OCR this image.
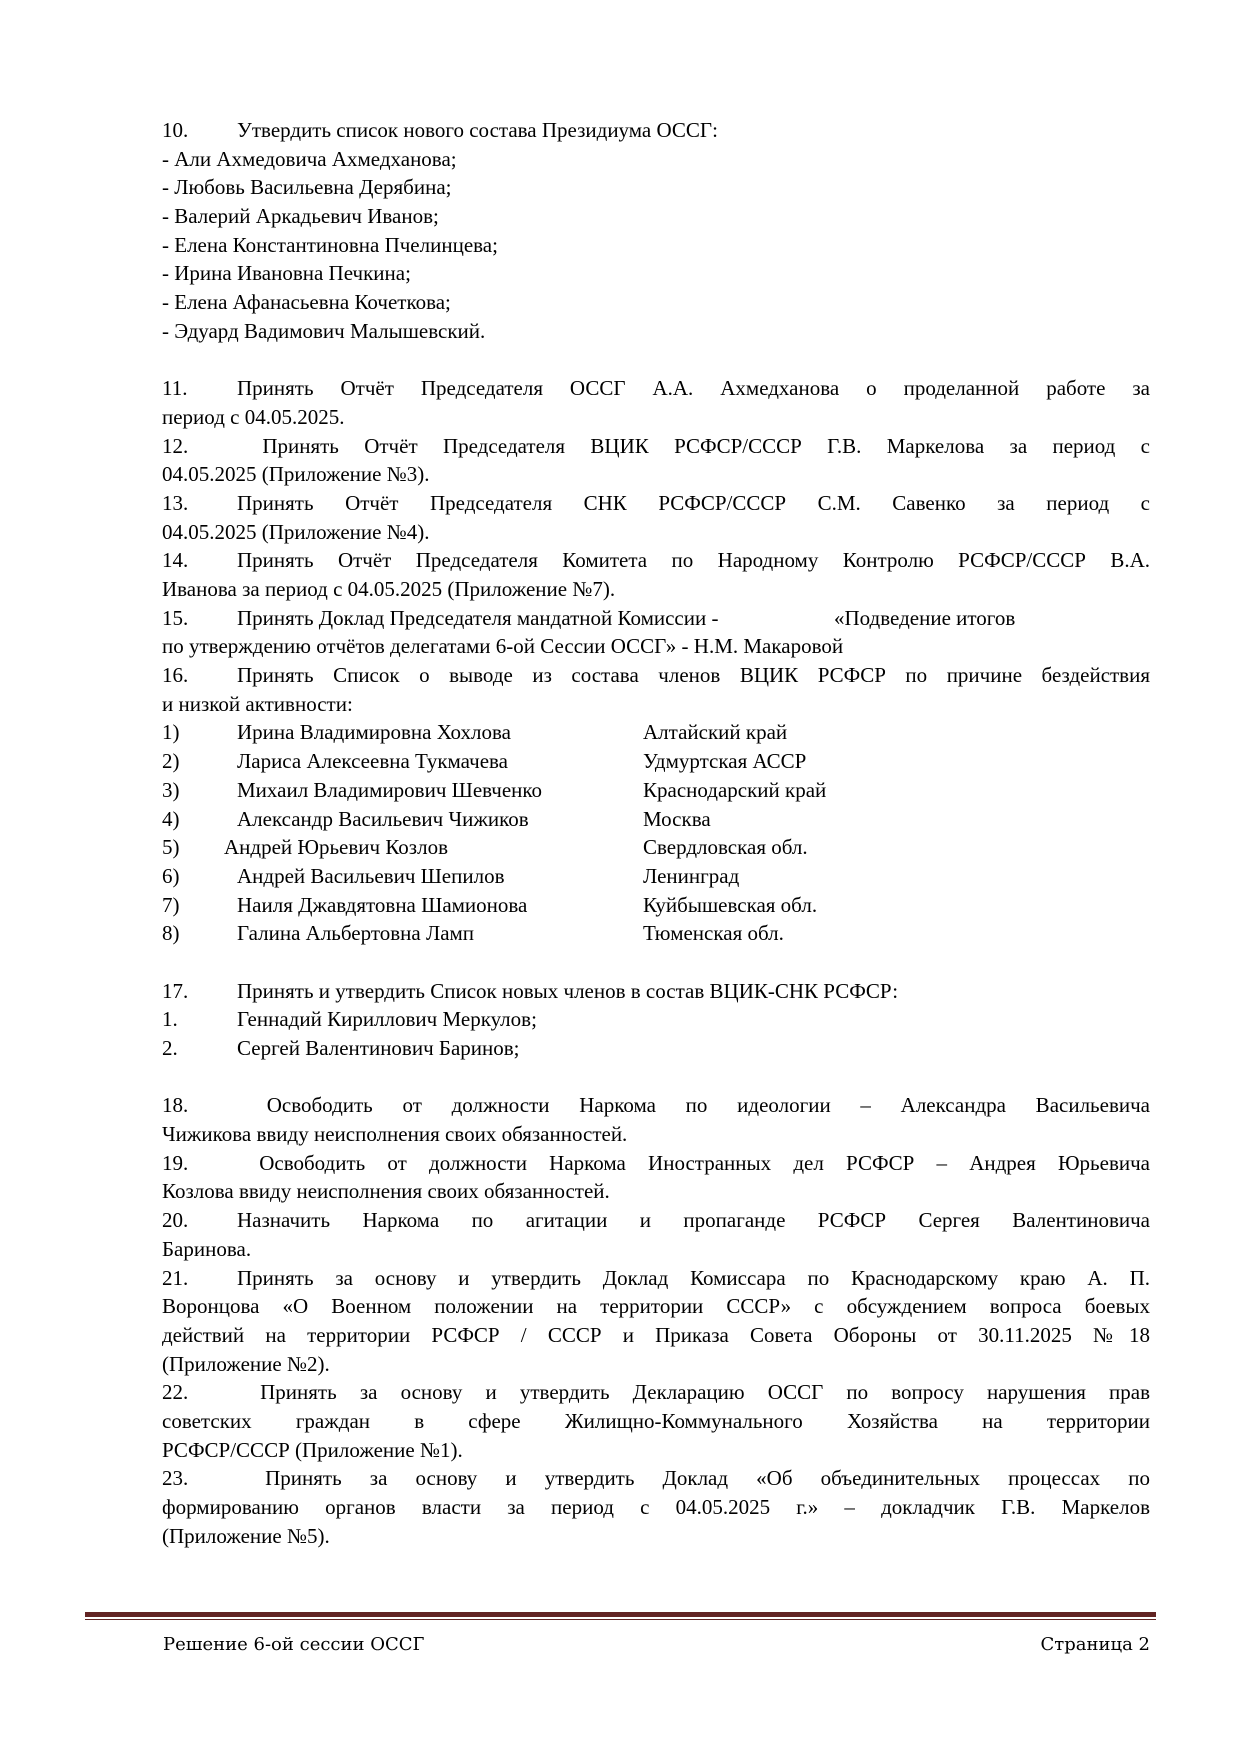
10. Утвердить список нового состава Президиума ОССГ:
- Али Ахмедовича Ахмедханова;
- Любовь Васильевна Дерябина;
- Валерий Аркадьевич Иванов;
- Елена Константиновна Пчелинцева;
- Ирина Ивановна Печкина;
- Елена Афанасьевна Кочеткова;
- Эдуард Вадимович Малышевский.
11. Принять Отчёт Председателя ОССГ А.А. Ахмедханова о проделанной работе за
период с 04.05.2025.
12. Принять Отчёт Председателя ВЦИК РСФСР/СССР Г.В. Маркелова за период с
04.05.2025 (Приложение №3).
13. Принять Отчёт Председателя СНК РСФСР/СССР С.М. Савенко за период с
04.05.2025 (Приложение №4).
14. Принять Отчёт Председателя Комитета по Народному Контролю РСФСР/СССР В.А.
Иванова за период с 04.05.2025 (Приложение №7).
15. Принять Доклад Председателя мандатной Комиссии -	«Подведение итогов
по утверждению отчётов делегатами 6-ой Сессии ОССГ» - Н.М. Макаровой
16. Принять Список о выводе из состава членов ВЦИК РСФСР по причине бездействия
и низкой активности:
1)	Ирина Владимировна Хохлова	Алтайский край
2)	Лариса Алексеевна Тукмачева	Удмуртская АССР
3)	Михаил Владимирович Шевченко	Краснодарский край
4)	Александр Васильевич Чижиков	Москва
5)	Андрей Юрьевич Козлов	Свердловская обл.
6)	Андрей Васильевич Шепилов	Ленинград
7)	Наиля Джавдятовна Шамионова	Куйбышевская обл.
8)	Галина Альбертовна Ламп	Тюменская обл.
17. Принять и утвердить Список новых членов в состав ВЦИК-СНК РСФСР:
1.	Геннадий Кириллович Меркулов;
2.	Сергей Валентинович Баринов;
18. Освободить от должности Наркома по идеологии – Александра Васильевича
Чижикова ввиду неисполнения своих обязанностей.
19. Освободить от должности Наркома Иностранных дел РСФСР – Андрея Юрьевича
Козлова ввиду неисполнения своих обязанностей.
20. Назначить Наркома по агитации и пропаганде РСФСР Сергея Валентиновича
Баринова.
21. Принять за основу и утвердить Доклад Комиссара по Краснодарскому краю А. П.
Воронцова «О Военном положении на территории СССР» с обсуждением вопроса боевых
действий на территории РСФСР / СССР и Приказа Совета Обороны от 30.11.2025 №18
(Приложение №2).
22. Принять за основу и утвердить Декларацию ОССГ по вопросу нарушения прав
советских граждан в сфере Жилищно-Коммунального Хозяйства на территории
РСФСР/СССР (Приложение №1).
23. Принять за основу и утвердить Доклад «Об объединительных процессах по
формированию органов власти за период с 04.05.2025 г.» – докладчик Г.В. Маркелов
(Приложение №5).
Решение 6-ой сессии ОССГ	Страница 2
